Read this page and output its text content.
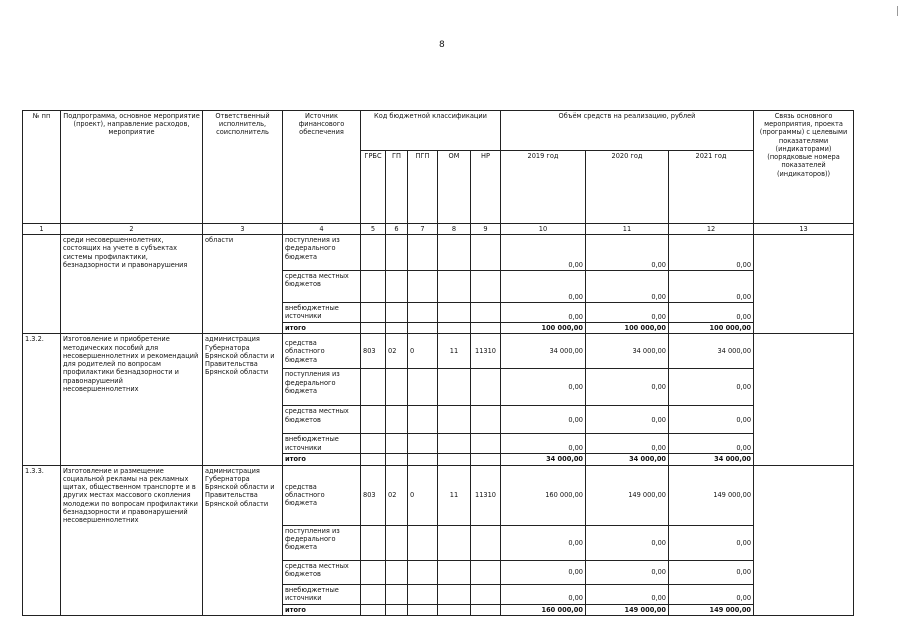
8
№ пп	Подпрограмма, основное мероприятие (проект), направление расходов, мероприятие	Ответственный исполнитель, соисполнитель	Источник финансового обеспечения	Код бюджетной классификации					Объём средств на реализацию, рублей			Связь основного мероприятия, проекта (программы) с целевыми показателями (индикаторами) (порядковые номера показателей (индикаторов))
				ГРБС	ГП	ПГП	ОМ	НР	2019 год	2020 год	2021 год	
1	2	3	4	5	6	7	8	9	10	11	12	13
	среди несовершеннолетних, состоящих на учете в субъектах системы профилактики, безнадзорности и правонарушения	области	поступления из федерального бюджета						0,00	0,00	0,00	
			средства местных бюджетов						0,00	0,00	0,00	
			внебюджетные источники						0,00	0,00	0,00	
			итого						100 000,00	100 000,00	100 000,00	
1.3.2.	Изготовление и приобретение методических пособий для несовершеннолетних и рекомендаций для родителей по вопросам профилактики безнадзорности и правонарушений несовершеннолетних	администрация Губернатора Брянской области и Правительства Брянской области	средства областного бюджета	803	02	0	11	11310	34 000,00	34 000,00	34 000,00	
			поступления из федерального бюджета						0,00	0,00	0,00	
			средства местных бюджетов						0,00	0,00	0,00	
			внебюджетные источники						0,00	0,00	0,00	
			итого						34 000,00	34 000,00	34 000,00	
1.3.3.	Изготовление и размещение социальной рекламы на рекламных щитах, общественном транспорте и в других местах массового скопления молодежи по вопросам профилактики безнадзорности и правонарушений несовершеннолетних	администрация Губернатора Брянской области и Правительства Брянской области	средства областного бюджета	803	02	0	11	11310	160 000,00	149 000,00	149 000,00	
			поступления из федерального бюджета						0,00	0,00	0,00	
			средства местных бюджетов						0,00	0,00	0,00	
			внебюджетные источники						0,00	0,00	0,00	
			итого						160 000,00	149 000,00	149 000,00	
